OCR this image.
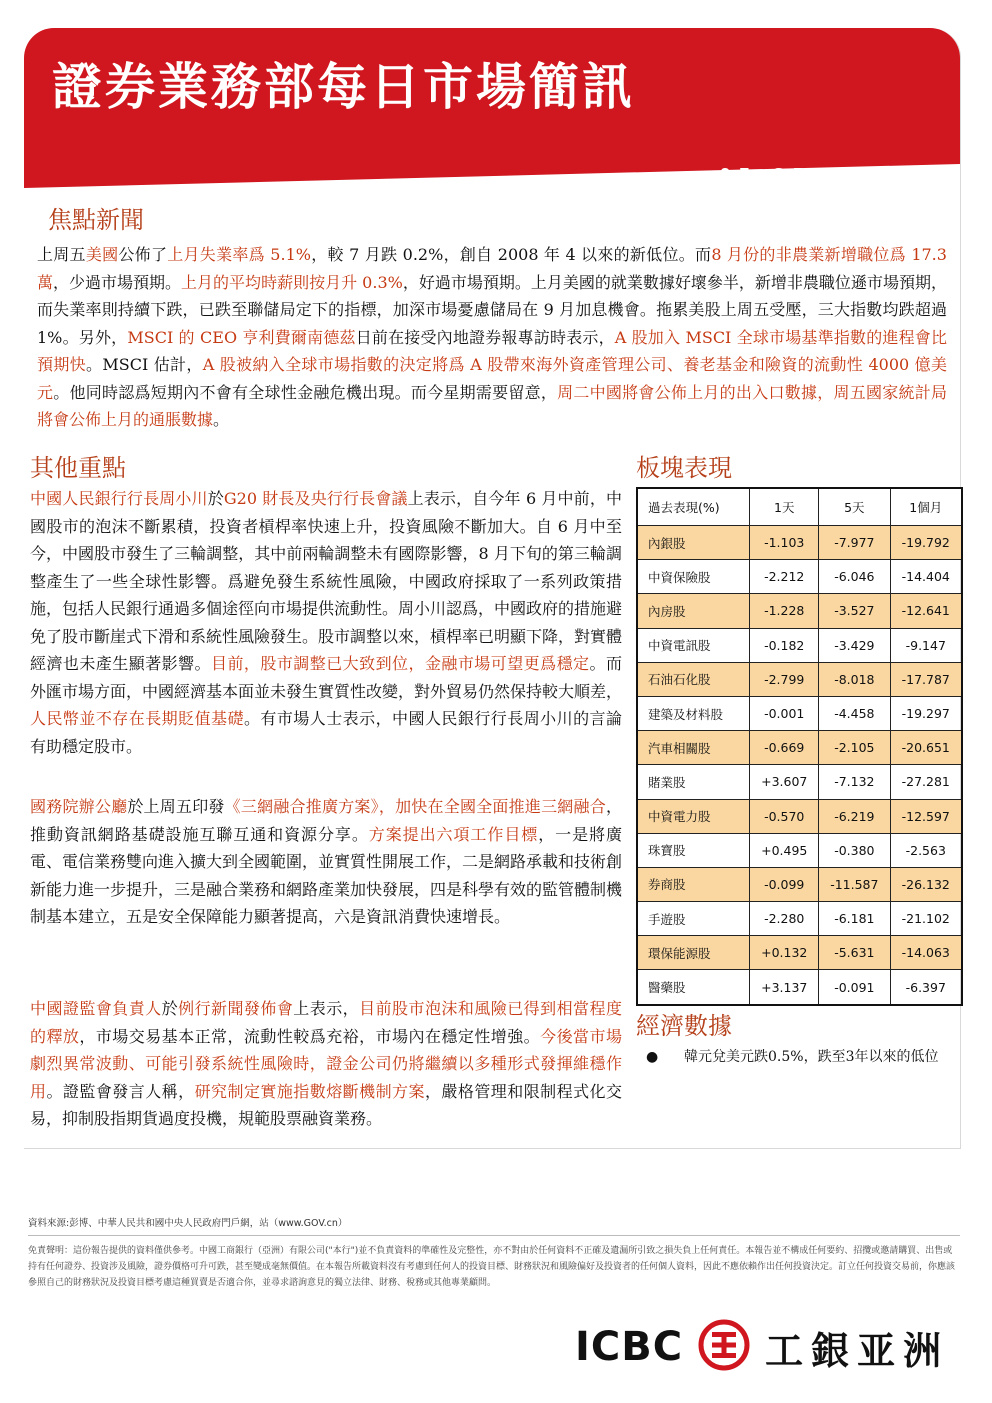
證券業務部每日市場簡訊
07 SEP 2015
焦點新聞
上周五美國公佈了上月失業率爲 5.1%，較 7 月跌 0.2%，創自 2008 年 4 以來的新低位。而8 月份的非農業新增職位爲 17.3 萬，少過市場預期。上月的平均時薪則按月升 0.3%，好過市場預期。上月美國的就業數據好壞參半，新增非農職位遜市場預期，而失業率則持續下跌，已跌至聯儲局定下的指標，加深市場憂慮儲局在 9 月加息機會。拖累美股上周五受壓，三大指數均跌超過 1%。另外，MSCI 的 CEO 亨利費爾南德茲日前在接受內地證券報專訪時表示，A 股加入 MSCI 全球市場基準指數的進程會比預期快。MSCI 估計，A 股被納入全球市場指數的決定將爲 A 股帶來海外資產管理公司、養老基金和險資的流動性 4000 億美元。他同時認爲短期內不會有全球性金融危機出現。而今星期需要留意，周二中國將會公佈上月的出入口數據，周五國家統計局將會公佈上月的通脹數據。
其他重點
中國人民銀行行長周小川於G20 財長及央行行長會議上表示，自今年 6 月中前，中國股市的泡沫不斷累積，投資者槓桿率快速上升，投資風險不斷加大。自 6 月中至今，中國股市發生了三輪調整，其中前兩輪調整未有國際影響，8 月下旬的第三輪調整產生了一些全球性影響。爲避免發生系統性風險，中國政府採取了一系列政策措施，包括人民銀行通過多個途徑向市場提供流動性。周小川認爲，中國政府的措施避免了股市斷崖式下滑和系統性風險發生。股市調整以來，槓桿率已明顯下降，對實體經濟也未產生顯著影響。目前，股市調整已大致到位，金融市場可望更爲穩定。而外匯市場方面，中國經濟基本面並未發生實質性改變，對外貿易仍然保持較大順差，人民幣並不存在長期貶值基礎。有市場人士表示，中國人民銀行行長周小川的言論有助穩定股市。
國務院辦公廳於上周五印發《三網融合推廣方案》，加快在全國全面推進三網融合，推動資訊網路基礎設施互聯互通和資源分享。方案提出六項工作目標，一是將廣電、電信業務雙向進入擴大到全國範圍，並實質性開展工作，二是網路承載和技術創新能力進一步提升，三是融合業務和網路產業加快發展，四是科學有效的監管體制機制基本建立，五是安全保障能力顯著提高，六是資訊消費快速增長。
中國證監會負責人於例行新聞發佈會上表示，目前股市泡沫和風險已得到相當程度的釋放，市場交易基本正常，流動性較爲充裕，市場內在穩定性增強。今後當市場劇烈異常波動、可能引發系統性風險時，證金公司仍將繼續以多種形式發揮維穩作用。證監會發言人稱，研究制定實施指數熔斷機制方案，嚴格管理和限制程式化交易，抑制股指期貨過度投機，規範股票融資業務。
板塊表現
過去表現(%)	1天	5天	1個月
內銀股	-1.103	-7.977	-19.792
中資保險股	-2.212	-6.046	-14.404
內房股	-1.228	-3.527	-12.641
中資電訊股	-0.182	-3.429	-9.147
石油石化股	-2.799	-8.018	-17.787
建築及材料股	-0.001	-4.458	-19.297
汽車相關股	-0.669	-2.105	-20.651
賭業股	+3.607	-7.132	-27.281
中資電力股	-0.570	-6.219	-12.597
珠寶股	+0.495	-0.380	-2.563
券商股	-0.099	-11.587	-26.132
手遊股	-2.280	-6.181	-21.102
環保能源股	+0.132	-5.631	-14.063
醫藥股	+3.137	-0.091	-6.397
經濟數據
● 韓元兌美元跌0.5%，跌至3年以來的低位
資料來源:彭博、中華人民共和國中央人民政府門戶網，站（www.GOV.cn）
免責聲明：這份報告提供的資料僅供參考。中國工商銀行（亞洲）有限公司("本行")並不負責資料的準確性及完整性，亦不對由於任何資料不正確及遺漏所引致之損失負上任何責任。本報告並不構成任何要約、招攬或邀請購買、出售或持有任何證券、投資涉及風險，證券價格可升可跌，甚至變成毫無價值。在本報告所載資料沒有考慮到任何人的投資目標、財務狀況和風險偏好及投資者的任何個人資料，因此不應依賴作出任何投資決定。訂立任何投資交易前，你應該參照自己的財務狀況及投資目標考慮這種買賣是否適合你，並尋求諮詢意見的獨立法律、財務、稅務或其他專業顧問。
ICBC 工銀亚洲
